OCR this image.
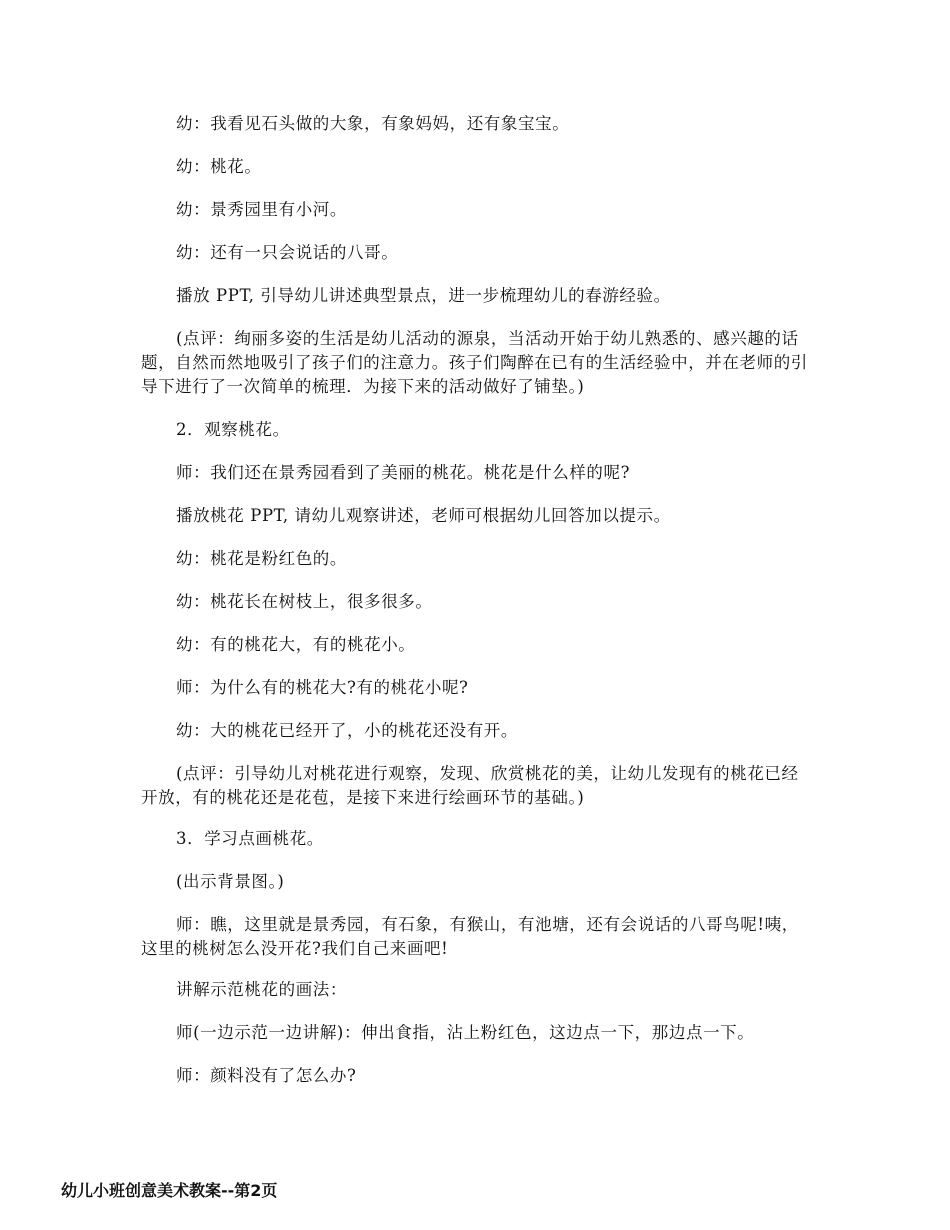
幼：我看见石头做的大象，有象妈妈，还有象宝宝。
幼：桃花。
幼：景秀园里有小河。
幼：还有一只会说话的八哥。
播放 PPT, 引导幼儿讲述典型景点，进一步梳理幼儿的春游经验。
(点评：绚丽多姿的生活是幼儿活动的源泉，当活动开始于幼儿熟悉的、感兴趣的话题，自然而然地吸引了孩子们的注意力。孩子们陶醉在已有的生活经验中，并在老师的引导下进行了一次简单的梳理．为接下来的活动做好了铺垫。)
2．观察桃花。
师：我们还在景秀园看到了美丽的桃花。桃花是什么样的呢?
播放桃花 PPT, 请幼儿观察讲述，老师可根据幼儿回答加以提示。
幼：桃花是粉红色的。
幼：桃花长在树枝上，很多很多。
幼：有的桃花大，有的桃花小。
师：为什么有的桃花大?有的桃花小呢?
幼：大的桃花已经开了，小的桃花还没有开。
(点评：引导幼儿对桃花进行观察，发现、欣赏桃花的美，让幼儿发现有的桃花已经开放，有的桃花还是花苞，是接下来进行绘画环节的基础。)
3．学习点画桃花。
(出示背景图。)
师：瞧，这里就是景秀园，有石象，有猴山，有池塘，还有会说话的八哥鸟呢!咦，这里的桃树怎么没开花?我们自己来画吧!
讲解示范桃花的画法：
师(一边示范一边讲解)：伸出食指，沾上粉红色，这边点一下，那边点一下。
师：颜料没有了怎么办?
幼儿小班创意美术教案--第2页
